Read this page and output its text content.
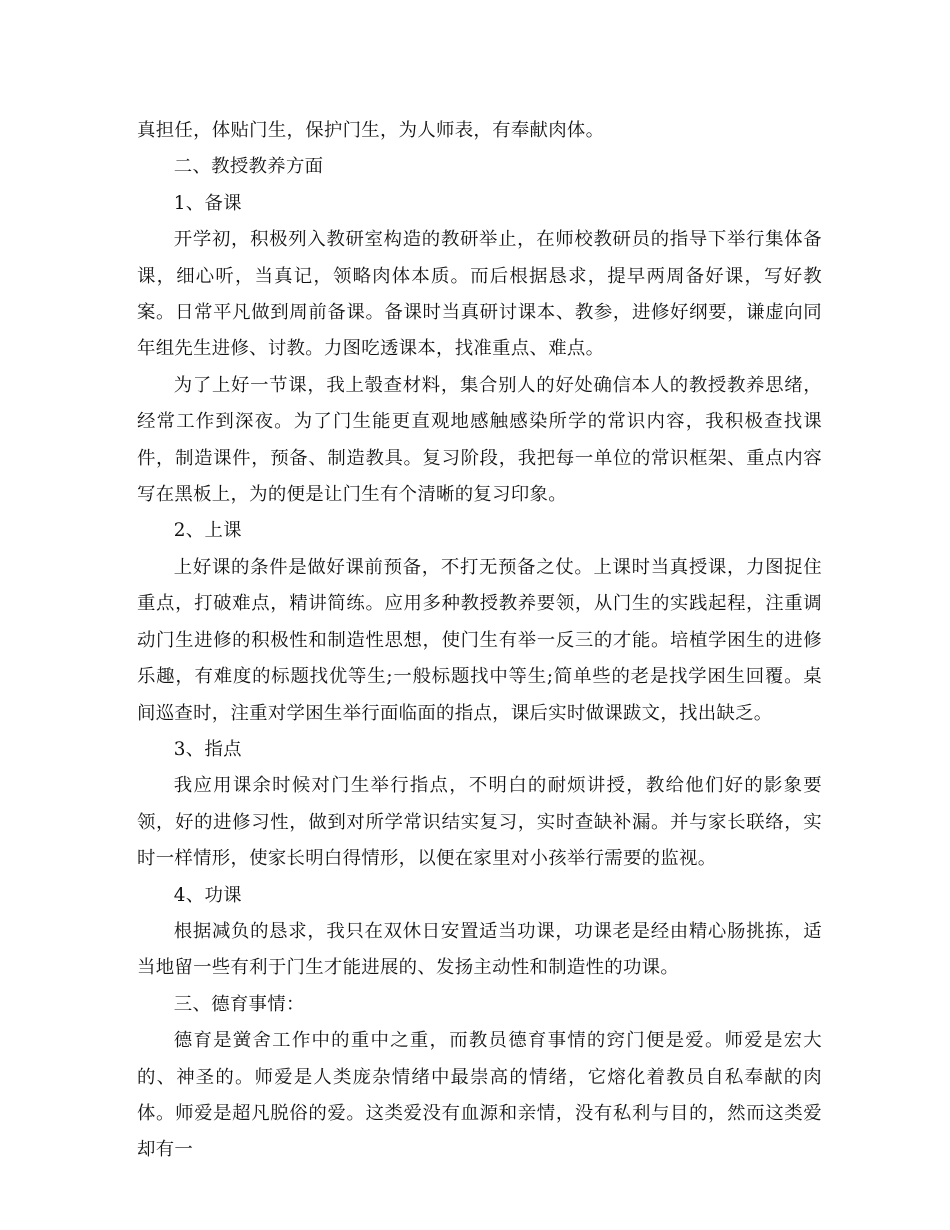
真担任，体贴门生，保护门生，为人师表，有奉献肉体。

二、教授教养方面

1、备课

开学初，积极列入教研室构造的教研举止，在师校教研员的指导下举行集体备课，细心听，当真记，领略肉体本质。而后根据恳求，提早两周备好课，写好教案。日常平凡做到周前备课。备课时当真研讨课本、教参，进修好纲要，谦虚向同年组先生进修、讨教。力图吃透课本，找准重点、难点。

为了上好一节课，我上彀查材料，集合别人的好处确信本人的教授教养思绪，经常工作到深夜。为了门生能更直观地感触感染所学的常识内容，我积极查找课件，制造课件，预备、制造教具。复习阶段，我把每一单位的常识框架、重点内容写在黑板上，为的便是让门生有个清晰的复习印象。

2、上课

上好课的条件是做好课前预备，不打无预备之仗。上课时当真授课，力图捉住重点，打破难点，精讲简练。应用多种教授教养要领，从门生的实践起程，注重调动门生进修的积极性和制造性思想，使门生有举一反三的才能。培植学困生的进修乐趣，有难度的标题找优等生;一般标题找中等生;简单些的老是找学困生回覆。桌间巡查时，注重对学困生举行面临面的指点，课后实时做课跋文，找出缺乏。

3、指点

我应用课余时候对门生举行指点，不明白的耐烦讲授，教给他们好的影象要领，好的进修习性，做到对所学常识结实复习，实时查缺补漏。并与家长联络，实时一样情形，使家长明白得情形，以便在家里对小孩举行需要的监视。

4、功课

根据减负的恳求，我只在双休日安置适当功课，功课老是经由精心肠挑拣，适当地留一些有利于门生才能进展的、发扬主动性和制造性的功课。

三、德育事情：

德育是黉舍工作中的重中之重，而教员德育事情的窍门便是爱。师爱是宏大的、神圣的。师爱是人类庞杂情绪中最崇高的情绪，它熔化着教员自私奉献的肉体。师爱是超凡脱俗的爱。这类爱没有血源和亲情，没有私利与目的，然而这类爱却有一
